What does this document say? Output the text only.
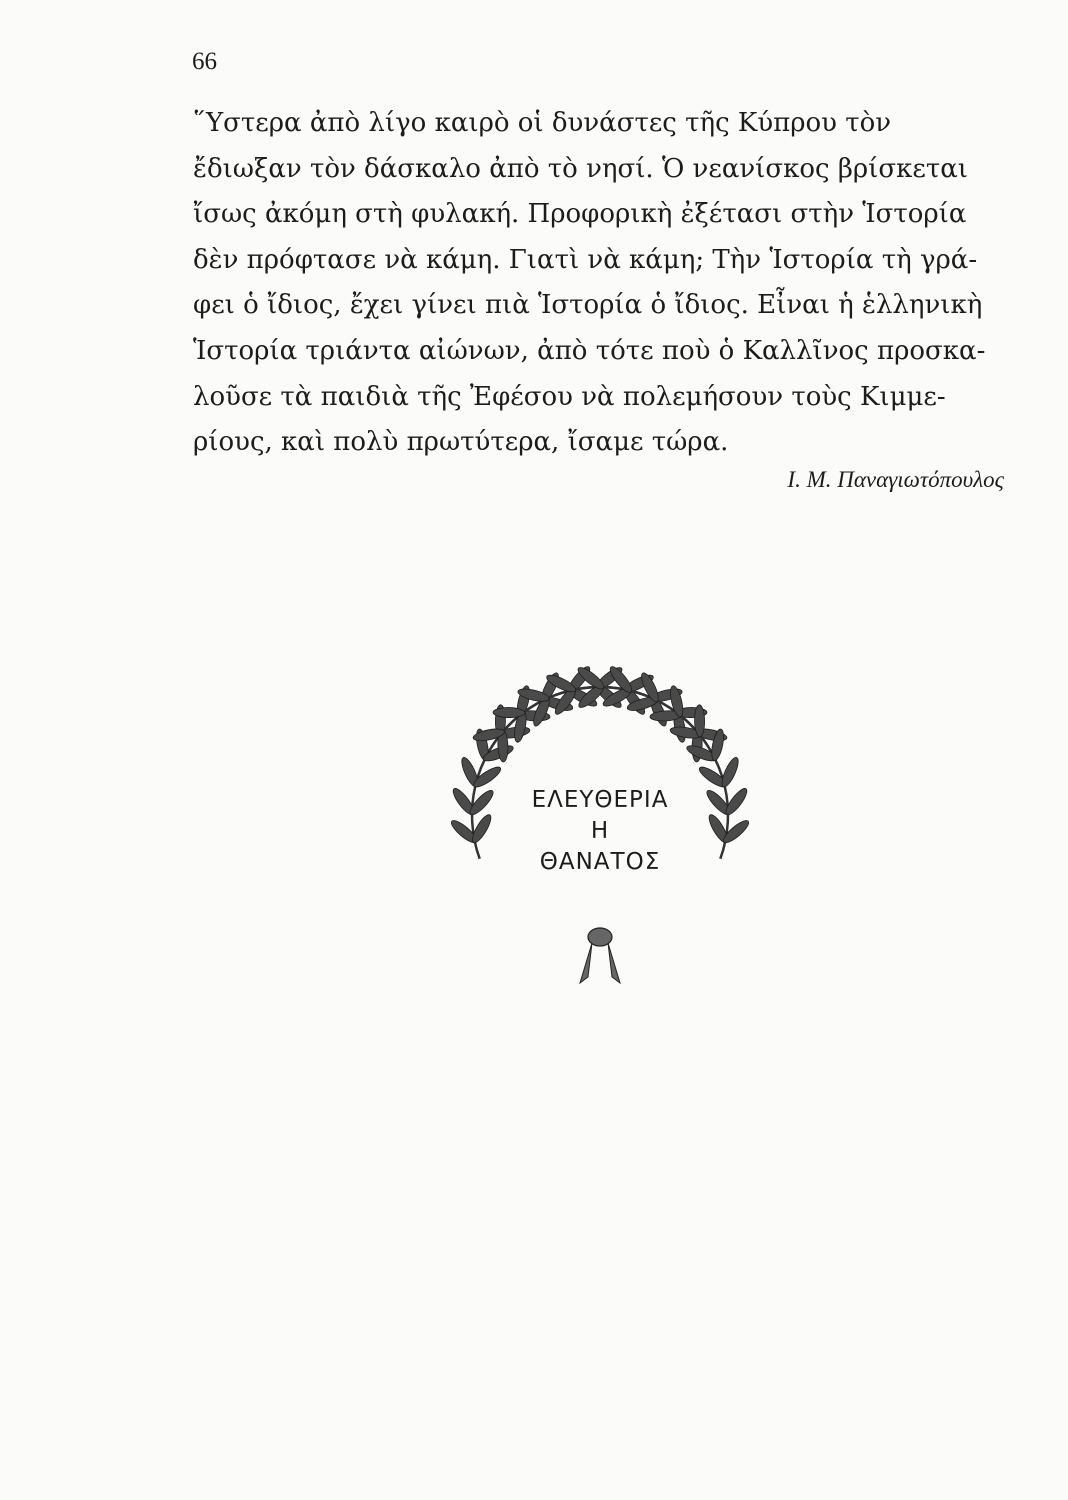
66
῞Υστερα ἀπὸ λίγο καιρὸ οἱ δυνάστες τῆς Κύπρου τὸν
ἔδιωξαν τὸν δάσκαλο ἀπὸ τὸ νησί. Ὁ νεανίσκος βρίσκεται
ἴσως ἀκόμη στὴ φυλακή. Προφορικὴ ἐξέτασι στὴν Ἱστορία
δὲν πρόφτασε νὰ κάμη. Γιατὶ νὰ κάμη; Τὴν Ἱστορία τὴ γρά-
φει ὁ ἴδιος, ἔχει γίνει πιὰ Ἱστορία ὁ ἴδιος. Εἶναι ἡ ἑλληνικὴ
Ἱστορία τριάντα αἰώνων, ἀπὸ τότε ποὺ ὁ Καλλῖνος προσκα-
λοῦσε τὰ παιδιὰ τῆς Ἐφέσου νὰ πολεμήσουν τοὺς Κιμμε-
ρίους, καὶ πολὺ πρωτύτερα, ἴσαμε τώρα.
Ι. Μ. Παναγιωτόπουλος
ΕΛΕΥΘΕΡΙΑ
Η
ΘΑΝΑΤΟΣ
